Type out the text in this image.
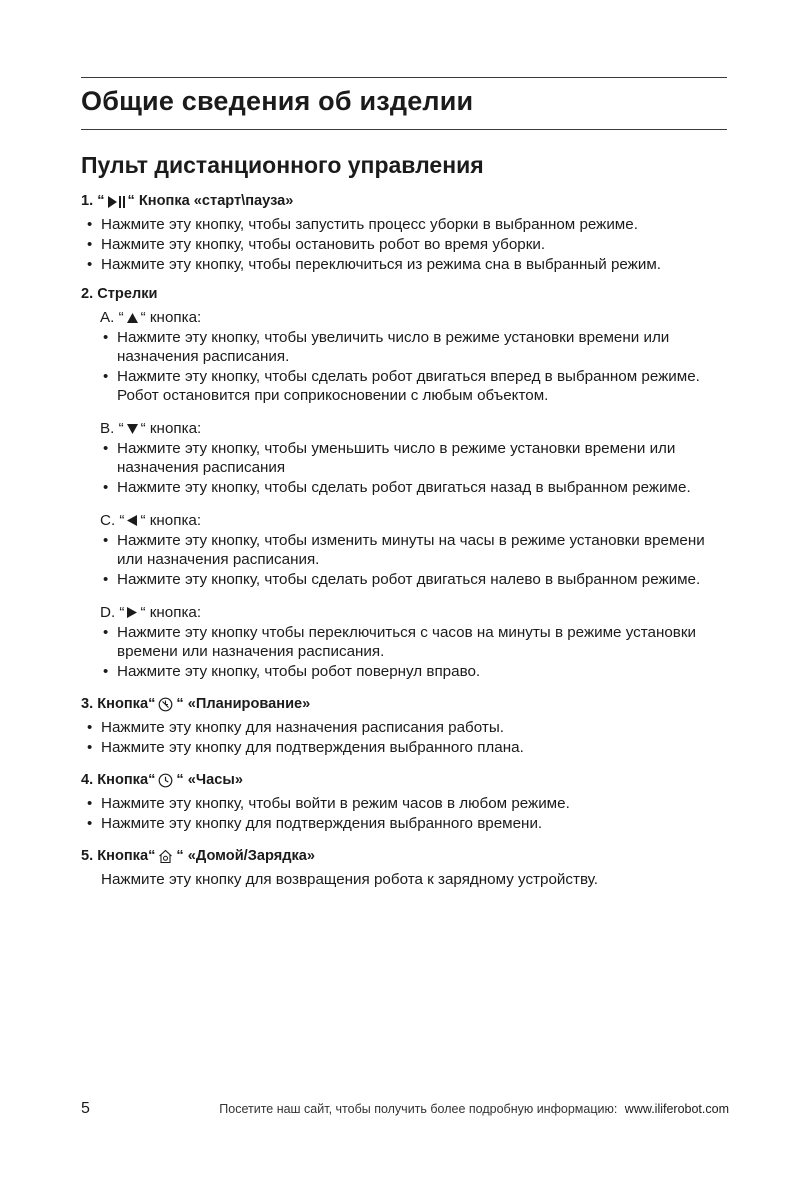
Общие сведения об изделии
Пульт дистанционного управления
1.
“ “ Кнопка «старт\пауза»
• Нажмите эту кнопку, чтобы запустить процесс уборки в выбранном режиме.
• Нажмите эту кнопку, чтобы остановить робот во время уборки.
• Нажмите эту кнопку, чтобы переключиться из режима сна в выбранный режим.
2.
Стрелки
A. “ “ кнопка:
• Нажмите эту кнопку, чтобы увеличить число в режиме установки времени или назначения расписания.
• Нажмите эту кнопку, чтобы сделать робот двигаться вперед в выбранном режиме. Робот остановится при соприкосновении с любым объектом.
B. “ “ кнопка:
• Нажмите эту кнопку, чтобы уменьшить число в режиме установки времени или назначения расписания
• Нажмите эту кнопку, чтобы сделать робот двигаться назад в выбранном режиме.
C. “ “ кнопка:
• Нажмите эту кнопку, чтобы изменить минуты на часы в режиме установки времени или назначения расписания.
• Нажмите эту кнопку, чтобы сделать робот двигаться налево в выбранном режиме.
D. “ “ кнопка:
• Нажмите эту кнопку чтобы переключиться с часов на минуты в режиме установки времени или назначения расписания.
• Нажмите эту кнопку, чтобы робот повернул вправо.
3.
Кнопка“ “ «Планирование»
• Нажмите эту кнопку для назначения расписания работы.
• Нажмите эту кнопку для подтверждения выбранного плана.
4.
Кнопка“ “ «Часы»
• Нажмите эту кнопку, чтобы войти в режим часов в любом режиме.
• Нажмите эту кнопку для подтверждения выбранного времени.
5.
Кнопка“ “ «Домой/Зарядка»
Нажмите эту кнопку для возвращения робота к зарядному устройству.
5	Посетите наш сайт, чтобы получить более подробную информацию: www.iliferobot.com
